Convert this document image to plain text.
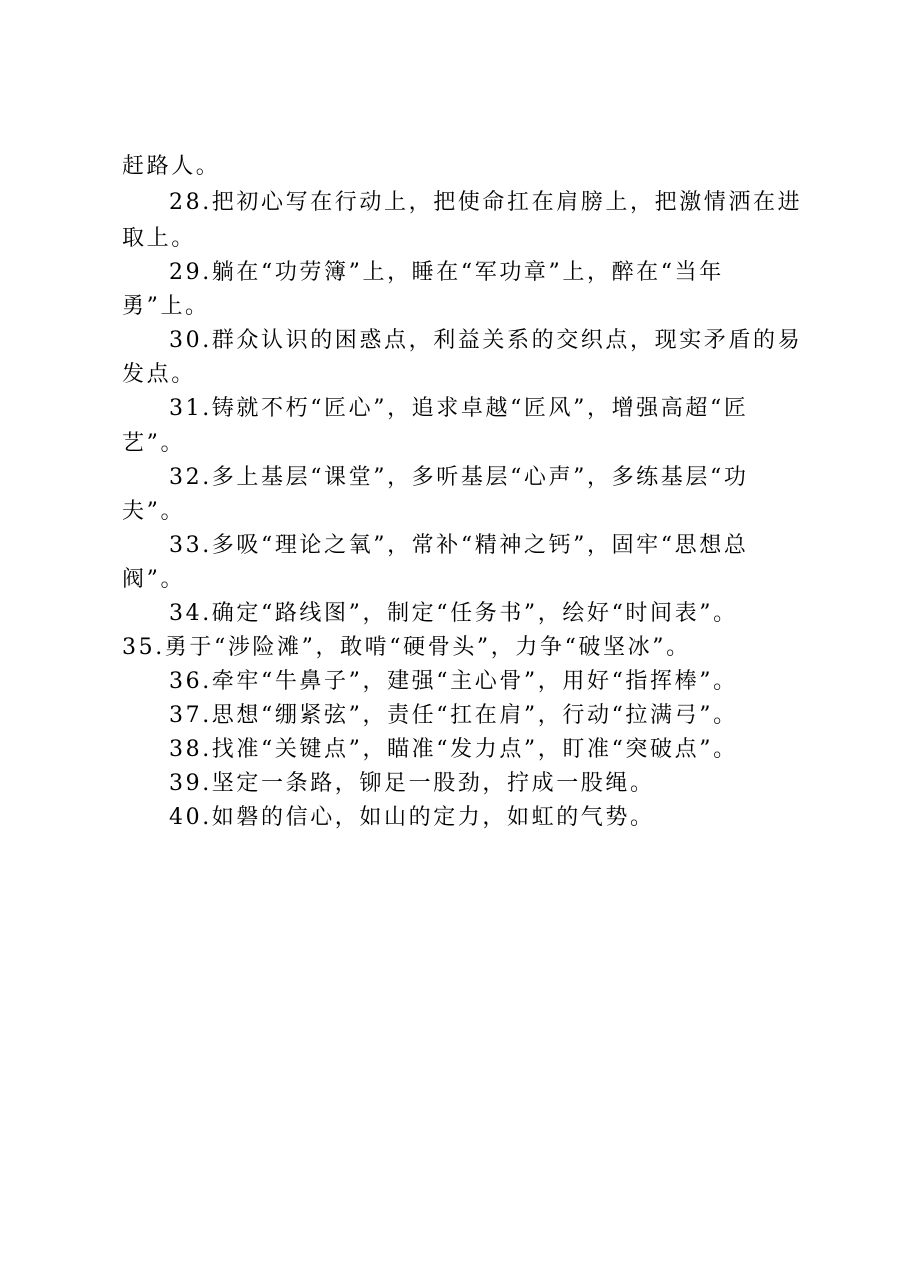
赶路人。
28.把初心写在行动上，把使命扛在肩膀上，把激情洒在进
取上。
29.躺在“功劳簿”上，睡在“军功章”上，醉在“当年
勇”上。
30.群众认识的困惑点，利益关系的交织点，现实矛盾的易
发点。
31.铸就不朽“匠心”，追求卓越“匠风”，增强高超“匠
艺”。
32.多上基层“课堂”，多听基层“心声”，多练基层“功
夫”。
33.多吸“理论之氧”，常补“精神之钙”，固牢“思想总
阀”。
34.确定“路线图”，制定“任务书”，绘好“时间表”。
35.勇于“涉险滩”，敢啃“硬骨头”，力争“破坚冰”。
36.牵牢“牛鼻子”，建强“主心骨”，用好“指挥棒”。
37.思想“绷紧弦”，责任“扛在肩”，行动“拉满弓”。
38.找准“关键点”，瞄准“发力点”，盯准“突破点”。
39.坚定一条路，铆足一股劲，拧成一股绳。
40.如磐的信心，如山的定力，如虹的气势。
